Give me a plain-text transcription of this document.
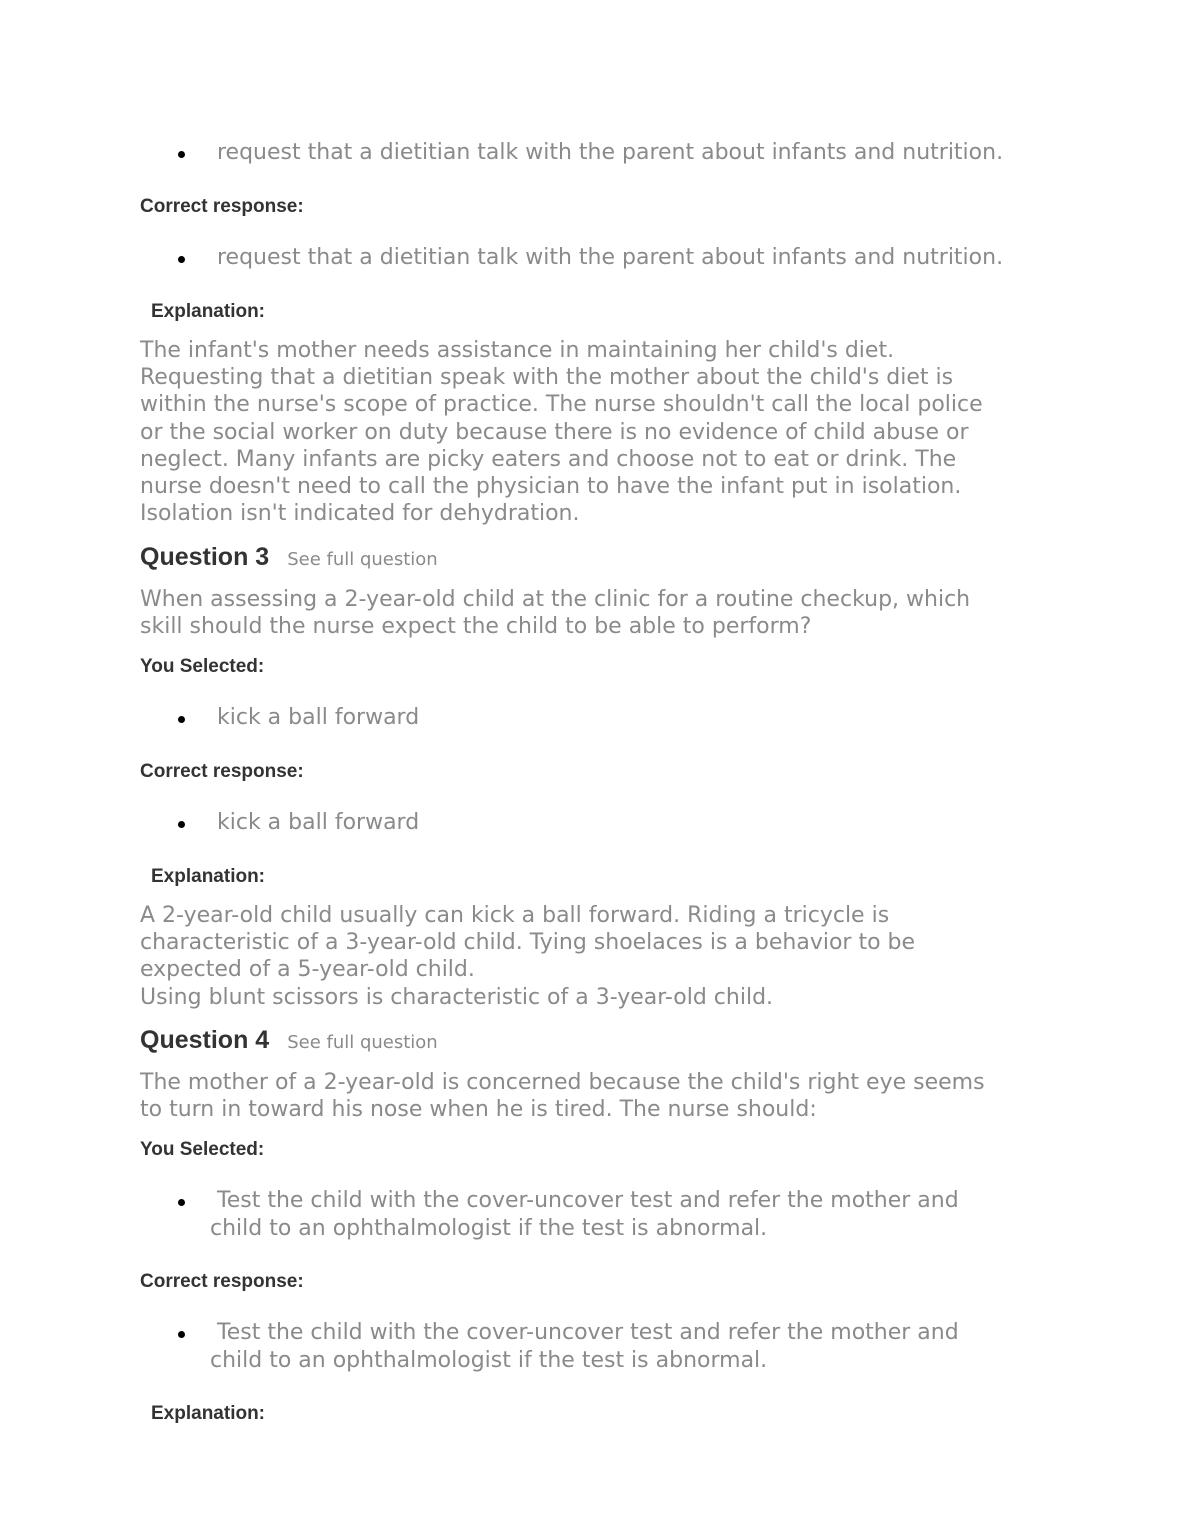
request that a dietitian talk with the parent about infants and nutrition.
Correct response:
request that a dietitian talk with the parent about infants and nutrition.
Explanation:
The infant's mother needs assistance in maintaining her child's diet.
Requesting that a dietitian speak with the mother about the child's diet is
within the nurse's scope of practice. The nurse shouldn't call the local police
or the social worker on duty because there is no evidence of child abuse or
neglect. Many infants are picky eaters and choose not to eat or drink. The
nurse doesn't need to call the physician to have the infant put in isolation.
Isolation isn't indicated for dehydration.
Question 3 See full question
When assessing a 2-year-old child at the clinic for a routine checkup, which
skill should the nurse expect the child to be able to perform?
You Selected:
kick a ball forward
Correct response:
kick a ball forward
Explanation:
A 2-year-old child usually can kick a ball forward. Riding a tricycle is
characteristic of a 3-year-old child. Tying shoelaces is a behavior to be
expected of a 5-year-old child.
Using blunt scissors is characteristic of a 3-year-old child.
Question 4 See full question
The mother of a 2-year-old is concerned because the child's right eye seems
to turn in toward his nose when he is tired. The nurse should:
You Selected:
Test the child with the cover-uncover test and refer the mother and
child to an ophthalmologist if the test is abnormal.
Correct response:
Test the child with the cover-uncover test and refer the mother and
child to an ophthalmologist if the test is abnormal.
Explanation:
